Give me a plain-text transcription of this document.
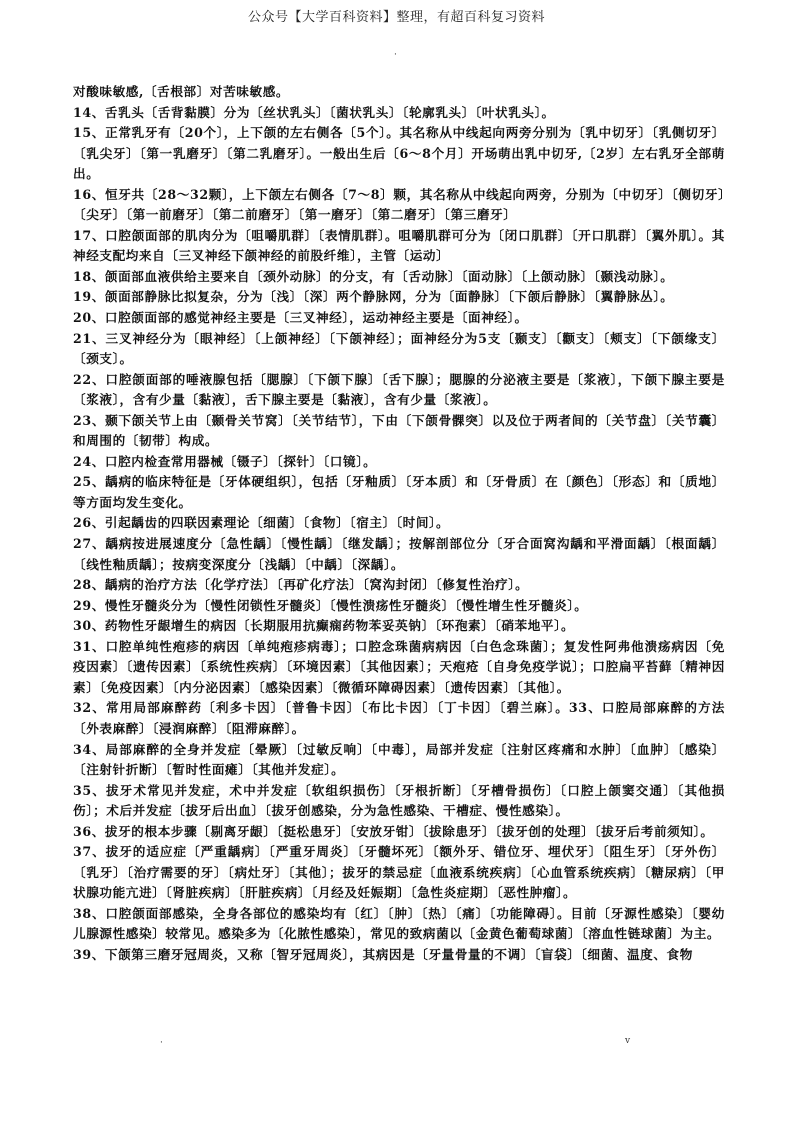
公众号【大学百科资料】整理，有超百科复习资料
·

对酸味敏感,〔舌根部〕对苦味敏感。

14、舌乳头〔舌背黏膜〕分为〔丝状乳头〕〔菌状乳头〕〔轮廓乳头〕〔叶状乳头〕。

15、正常乳牙有〔20个〕，上下颌的左右侧各〔5个〕。其名称从中线起向两旁分别为〔乳中切牙〕〔乳侧切牙〕〔乳尖牙〕〔第一乳磨牙〕〔第二乳磨牙〕。一般出生后〔6～8个月〕开场萌出乳中切牙,〔2岁〕左右乳牙全部萌出。

16、恒牙共〔28～32颗〕，上下颌左右侧各〔7～8〕颗，其名称从中线起向两旁，分别为〔中切牙〕〔侧切牙〕〔尖牙〕〔第一前磨牙〕〔第二前磨牙〕〔第一磨牙〕〔第二磨牙〕〔第三磨牙〕

17、口腔颌面部的肌肉分为〔咀嚼肌群〕〔表情肌群〕。咀嚼肌群可分为〔闭口肌群〕〔开口肌群〕〔翼外肌〕。其神经支配均来自〔三叉神经下颌神经的前股纤维〕，主管〔运动〕

18、颌面部血液供给主要来自〔颈外动脉〕的分支，有〔舌动脉〕〔面动脉〕〔上颌动脉〕〔颞浅动脉〕。

19、颌面部静脉比拟复杂，分为〔浅〕〔深〕两个静脉网，分为〔面静脉〕〔下颌后静脉〕〔翼静脉丛〕。

20、口腔颌面部的感觉神经主要是〔三叉神经〕，运动神经主要是〔面神经〕。

21、三叉神经分为〔眼神经〕〔上颌神经〕〔下颌神经〕；面神经分为5支〔颞支〕〔颧支〕〔颊支〕〔下颌缘支〕〔颈支〕。

22、口腔颌面部的唾液腺包括〔腮腺〕〔下颌下腺〕〔舌下腺〕；腮腺的分泌液主要是〔浆液〕，下颌下腺主要是〔浆液〕，含有少量〔黏液〕，舌下腺主要是〔黏液〕，含有少量〔浆液〕。

23、颞下颌关节上由〔颞骨关节窝〕〔关节结节〕，下由〔下颌骨髁突〕以及位于两者间的〔关节盘〕〔关节囊〕和周围的〔韧带〕构成。

24、口腔内检查常用器械〔镊子〕〔探针〕〔口镜〕。

25、龋病的临床特征是〔牙体硬组织〕，包括〔牙釉质〕〔牙本质〕和〔牙骨质〕在〔颜色〕〔形态〕和〔质地〕等方面均发生变化。

26、引起龋齿的四联因素理论〔细菌〕〔食物〕〔宿主〕〔时间〕。

27、龋病按进展速度分〔急性龋〕〔慢性龋〕〔继发龋〕；按解剖部位分〔牙合面窝沟龋和平滑面龋〕〔根面龋〕〔线性釉质龋〕；按病变深度分〔浅龋〕〔中龋〕〔深龋〕。

28、龋病的治疗方法〔化学疗法〕〔再矿化疗法〕〔窝沟封闭〕〔修复性治疗〕。

29、慢性牙髓炎分为〔慢性闭锁性牙髓炎〕〔慢性溃疡性牙髓炎〕〔慢性增生性牙髓炎〕。

30、药物性牙龈增生的病因〔长期服用抗癫痫药物苯妥英钠〕〔环孢素〕〔硝苯地平〕。

31、口腔单纯性疱疹的病因〔单纯疱疹病毒〕；口腔念珠菌病病因〔白色念珠菌〕；复发性阿弗他溃疡病因〔免疫因素〕〔遗传因素〕〔系统性疾病〕〔环境因素〕〔其他因素〕；天疱疮〔自身免疫学说〕；口腔扁平苔藓〔精神因素〕〔免疫因素〕〔内分泌因素〕〔感染因素〕〔微循环障碍因素〕〔遗传因素〕〔其他〕。

32、常用局部麻醉药〔利多卡因〕〔普鲁卡因〕〔布比卡因〕〔丁卡因〕〔碧兰麻〕。33、口腔局部麻醉的方法〔外表麻醉〕〔浸润麻醉〕〔阻滞麻醉〕。

34、局部麻醉的全身并发症〔晕厥〕〔过敏反响〕〔中毒〕，局部并发症〔注射区疼痛和水肿〕〔血肿〕〔感染〕〔注射针折断〕〔暂时性面瘫〕〔其他并发症〕。

35、拔牙术常见并发症，术中并发症〔软组织损伤〕〔牙根折断〕〔牙槽骨损伤〕〔口腔上颌窦交通〕〔其他损伤〕；术后并发症〔拔牙后出血〕〔拔牙创感染，分为急性感染、干槽症、慢性感染〕。

36、拔牙的根本步骤〔剔离牙龈〕〔挺松患牙〕〔安放牙钳〕〔拔除患牙〕〔拔牙创的处理〕〔拔牙后考前须知〕。

37、拔牙的适应症〔严重龋病〕〔严重牙周炎〕〔牙髓坏死〕〔额外牙、错位牙、埋伏牙〕〔阻生牙〕〔牙外伤〕〔乳牙〕〔治疗需要的牙〕〔病灶牙〕〔其他〕；拔牙的禁忌症〔血液系统疾病〕〔心血管系统疾病〕〔糖尿病〕〔甲状腺功能亢进〕〔肾脏疾病〕〔肝脏疾病〕〔月经及妊娠期〕〔急性炎症期〕〔恶性肿瘤〕。

38、口腔颌面部感染，全身各部位的感染均有〔红〕〔肿〕〔热〕〔痛〕〔功能障碍〕。目前〔牙源性感染〕〔婴幼儿腺源性感染〕较常见。感染多为〔化脓性感染〕，常见的致病菌以〔金黄色葡萄球菌〕〔溶血性链球菌〕为主。

39、下颌第三磨牙冠周炎，又称〔智牙冠周炎〕，其病因是〔牙量骨量的不调〕〔盲袋〕〔细菌、温度、食物

·	v
